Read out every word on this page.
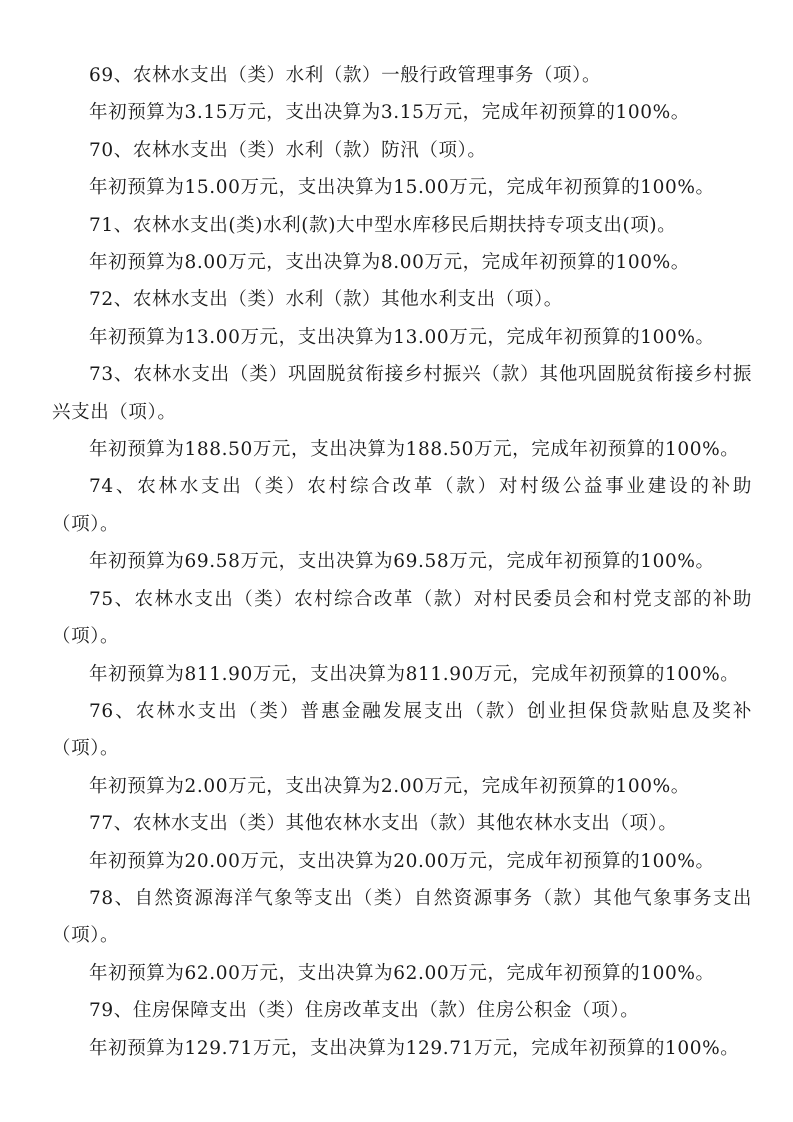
69、农林水支出（类）水利（款）一般行政管理事务（项）。

年初预算为3.15万元，支出决算为3.15万元，完成年初预算的100%。

70、农林水支出（类）水利（款）防汛（项）。

年初预算为15.00万元，支出决算为15.00万元，完成年初预算的100%。

71、农林水支出(类)水利(款)大中型水库移民后期扶持专项支出(项)。

年初预算为8.00万元，支出决算为8.00万元，完成年初预算的100%。

72、农林水支出（类）水利（款）其他水利支出（项）。

年初预算为13.00万元，支出决算为13.00万元，完成年初预算的100%。

73、农林水支出（类）巩固脱贫衔接乡村振兴（款）其他巩固脱贫衔接乡村振兴支出（项）。

年初预算为188.50万元，支出决算为188.50万元，完成年初预算的100%。

74、农林水支出（类）农村综合改革（款）对村级公益事业建设的补助（项）。

年初预算为69.58万元，支出决算为69.58万元，完成年初预算的100%。

75、农林水支出（类）农村综合改革（款）对村民委员会和村党支部的补助（项）。

年初预算为811.90万元，支出决算为811.90万元，完成年初预算的100%。

76、农林水支出（类）普惠金融发展支出（款）创业担保贷款贴息及奖补（项）。

年初预算为2.00万元，支出决算为2.00万元，完成年初预算的100%。

77、农林水支出（类）其他农林水支出（款）其他农林水支出（项）。

年初预算为20.00万元，支出决算为20.00万元，完成年初预算的100%。

78、自然资源海洋气象等支出（类）自然资源事务（款）其他气象事务支出（项）。

年初预算为62.00万元，支出决算为62.00万元，完成年初预算的100%。

79、住房保障支出（类）住房改革支出（款）住房公积金（项）。

年初预算为129.71万元，支出决算为129.71万元，完成年初预算的100%。
